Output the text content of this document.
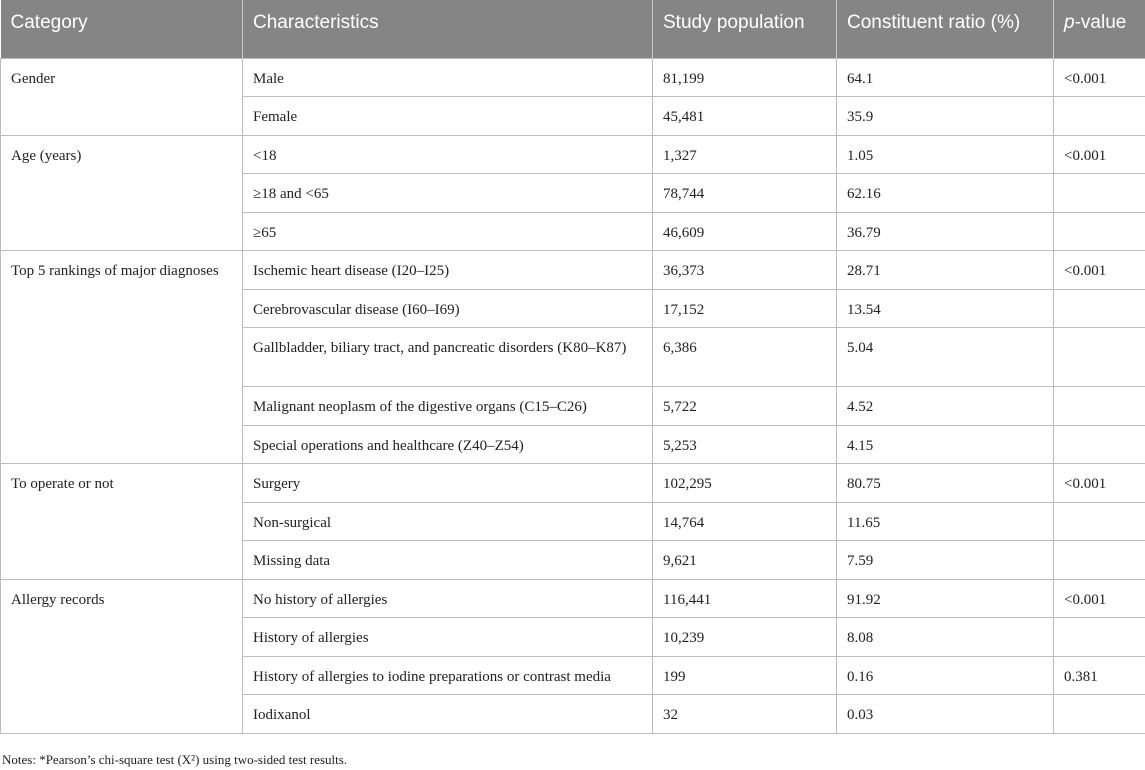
Category	Characteristics	Study population	Constituent ratio (%)	p-value
Gender	Male	81,199	64.1	<0.001
	Female	45,481	35.9	
Age (years)	<18	1,327	1.05	<0.001
	≥18 and <65	78,744	62.16	
	≥65	46,609	36.79	
Top 5 rankings of major diagnoses	Ischemic heart disease (I20–I25)	36,373	28.71	<0.001
	Cerebrovascular disease (I60–I69)	17,152	13.54	
	Gallbladder, biliary tract, and pancreatic disorders (K80–K87)	6,386	5.04	
	Malignant neoplasm of the digestive organs (C15–C26)	5,722	4.52	
	Special operations and healthcare (Z40–Z54)	5,253	4.15	
To operate or not	Surgery	102,295	80.75	<0.001
	Non-surgical	14,764	11.65	
	Missing data	9,621	7.59	
Allergy records	No history of allergies	116,441	91.92	<0.001
	History of allergies	10,239	8.08	
	History of allergies to iodine preparations or contrast media	199	0.16	0.381
	Iodixanol	32	0.03	
Notes: *Pearson’s chi-square test (X²) using two-sided test results.
